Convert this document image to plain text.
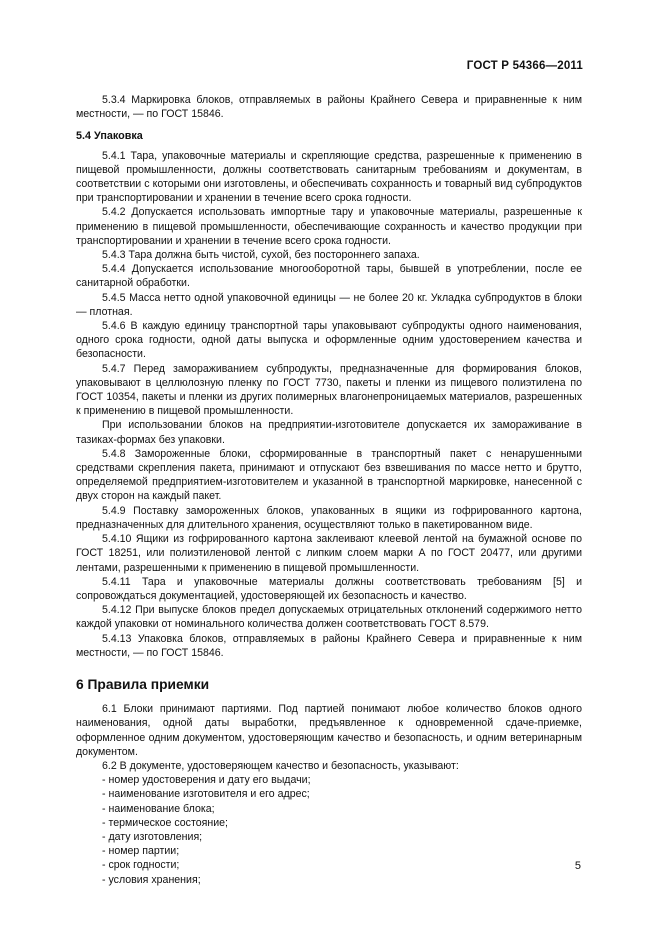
ГОСТ Р 54366—2011

5.3.4 Маркировка блоков, отправляемых в районы Крайнего Севера и приравненные к ним местности, — по ГОСТ 15846.

5.4 Упаковка

5.4.1 Тара, упаковочные материалы и скрепляющие средства, разрешенные к применению в пищевой промышленности, должны соответствовать санитарным требованиям и документам, в соответствии с которыми они изготовлены, и обеспечивать сохранность и товарный вид субпродуктов при транспортировании и хранении в течение всего срока годности.

5.4.2 Допускается использовать импортные тару и упаковочные материалы, разрешенные к применению в пищевой промышленности, обеспечивающие сохранность и качество продукции при транспортировании и хранении в течение всего срока годности.

5.4.3 Тара должна быть чистой, сухой, без постороннего запаха.

5.4.4 Допускается использование многооборотной тары, бывшей в употреблении, после ее санитарной обработки.

5.4.5 Масса нетто одной упаковочной единицы — не более 20 кг. Укладка субпродуктов в блоки — плотная.

5.4.6 В каждую единицу транспортной тары упаковывают субпродукты одного наименования, одного срока годности, одной даты выпуска и оформленные одним удостоверением качества и безопасности.

5.4.7 Перед замораживанием субпродукты, предназначенные для формирования блоков, упаковывают в целлюлозную пленку по ГОСТ 7730, пакеты и пленки из пищевого полиэтилена по ГОСТ 10354, пакеты и пленки из других полимерных влагонепроницаемых материалов, разрешенных к применению в пищевой промышленности.

При использовании блоков на предприятии-изготовителе допускается их замораживание в тазиках-формах без упаковки.

5.4.8 Замороженные блоки, сформированные в транспортный пакет с ненарушенными средствами скрепления пакета, принимают и отпускают без взвешивания по массе нетто и брутто, определяемой предприятием-изготовителем и указанной в транспортной маркировке, нанесенной с двух сторон на каждый пакет.

5.4.9 Поставку замороженных блоков, упакованных в ящики из гофрированного картона, предназначенных для длительного хранения, осуществляют только в пакетированном виде.

5.4.10 Ящики из гофрированного картона заклеивают клеевой лентой на бумажной основе по ГОСТ 18251, или полиэтиленовой лентой с липким слоем марки А по ГОСТ 20477, или другими лентами, разрешенными к применению в пищевой промышленности.

5.4.11 Тара и упаковочные материалы должны соответствовать требованиям [5] и сопровождаться документацией, удостоверяющей их безопасность и качество.

5.4.12 При выпуске блоков предел допускаемых отрицательных отклонений содержимого нетто каждой упаковки от номинального количества должен соответствовать ГОСТ 8.579.

5.4.13 Упаковка блоков, отправляемых в районы Крайнего Севера и приравненные к ним местности, — по ГОСТ 15846.

6 Правила приемки

6.1 Блоки принимают партиями. Под партией понимают любое количество блоков одного наименования, одной даты выработки, предъявленное к одновременной сдаче-приемке, оформленное одним документом, удостоверяющим качество и безопасность, и одним ветеринарным документом.

6.2 В документе, удостоверяющем качество и безопасность, указывают:

- номер удостоверения и дату его выдачи;
- наименование изготовителя и его адрес;
- наименование блока;
- термическое состояние;
- дату изготовления;
- номер партии;
- срок годности;
- условия хранения;
5
